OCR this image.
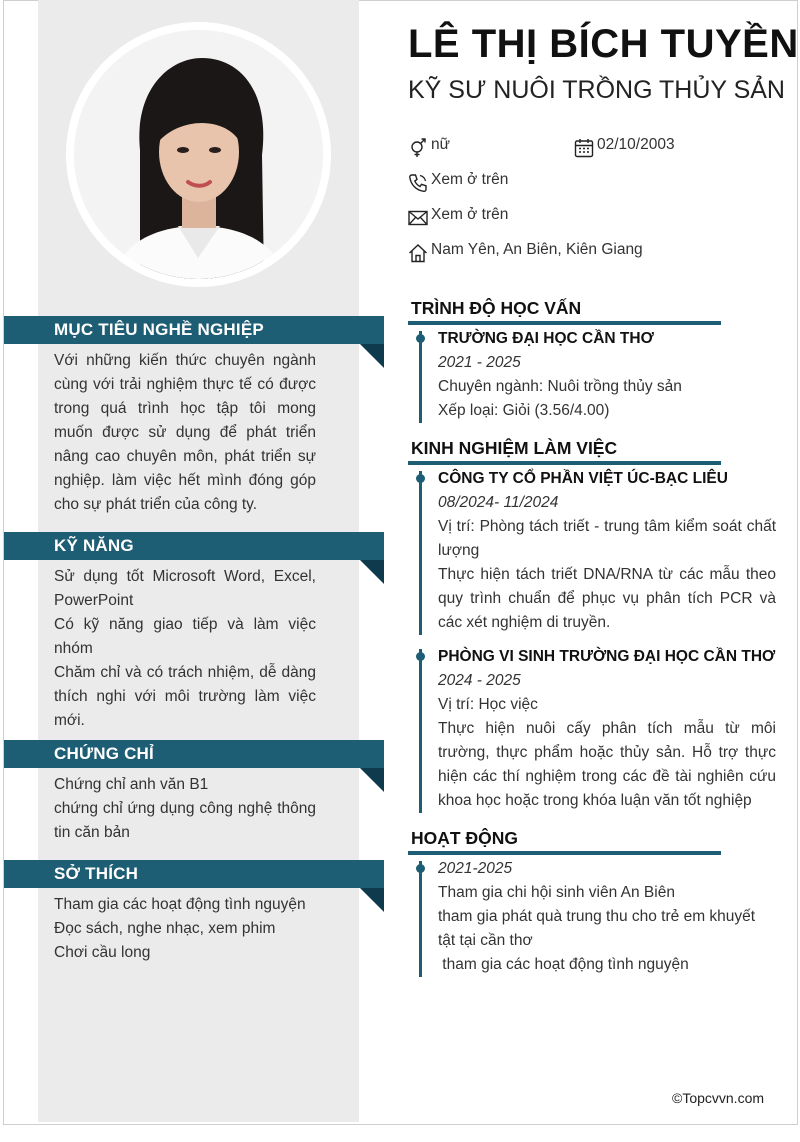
LÊ THỊ BÍCH TUYỀN
KỸ SƯ NUÔI TRỒNG THỦY SẢN
nữ	02/10/2003
Xem ở trên
Xem ở trên
Nam Yên, An Biên, Kiên Giang
MỤC TIÊU NGHỀ NGHIỆP
Với những kiến thức chuyên ngành cùng với trải nghiệm thực tế có được trong quá trình học tập tôi mong muốn được sử dụng để phát triển nâng cao chuyên môn, phát triển sự nghiệp. làm việc hết mình đóng góp cho sự phát triển của công ty.
KỸ NĂNG
Sử dụng tốt Microsoft Word, Excel, PowerPoint
Có kỹ năng giao tiếp và làm việc nhóm
Chăm chỉ và có trách nhiệm, dễ dàng thích nghi với môi trường làm việc mới.
CHỨNG CHỈ
Chứng chỉ anh văn B1
chứng chỉ ứng dụng công nghệ thông tin căn bản
SỞ THÍCH
Tham gia các hoạt động tình nguyện
Đọc sách, nghe nhạc, xem phim
Chơi cầu long
TRÌNH ĐỘ HỌC VẤN
TRƯỜNG ĐẠI HỌC CẦN THƠ
2021 - 2025
Chuyên ngành: Nuôi trồng thủy sản
Xếp loại: Giỏi (3.56/4.00)
KINH NGHIỆM LÀM VIỆC
CÔNG TY CỔ PHẦN VIỆT ÚC-BẠC LIÊU
08/2024- 11/2024
Vị trí: Phòng tách triết - trung tâm kiểm soát chất lượng
Thực hiện tách triết DNA/RNA từ các mẫu theo quy trình chuẩn để phục vụ phân tích PCR và các xét nghiệm di truyền.
PHÒNG VI SINH TRƯỜNG ĐẠI HỌC CẦN THƠ
2024 - 2025
Vị trí: Học việc
Thực hiện nuôi cấy phân tích mẫu từ môi trường, thực phẩm hoặc thủy sản. Hỗ trợ thực hiện các thí nghiệm trong các đề tài nghiên cứu khoa học hoặc trong khóa luận văn tốt nghiệp
HOẠT ĐỘNG
2021-2025
Tham gia chi hội sinh viên An Biên
tham gia phát quà trung thu cho trẻ em khuyết tật tại cần thơ
tham gia các hoạt động tình nguyện
©Topcvvn.com
